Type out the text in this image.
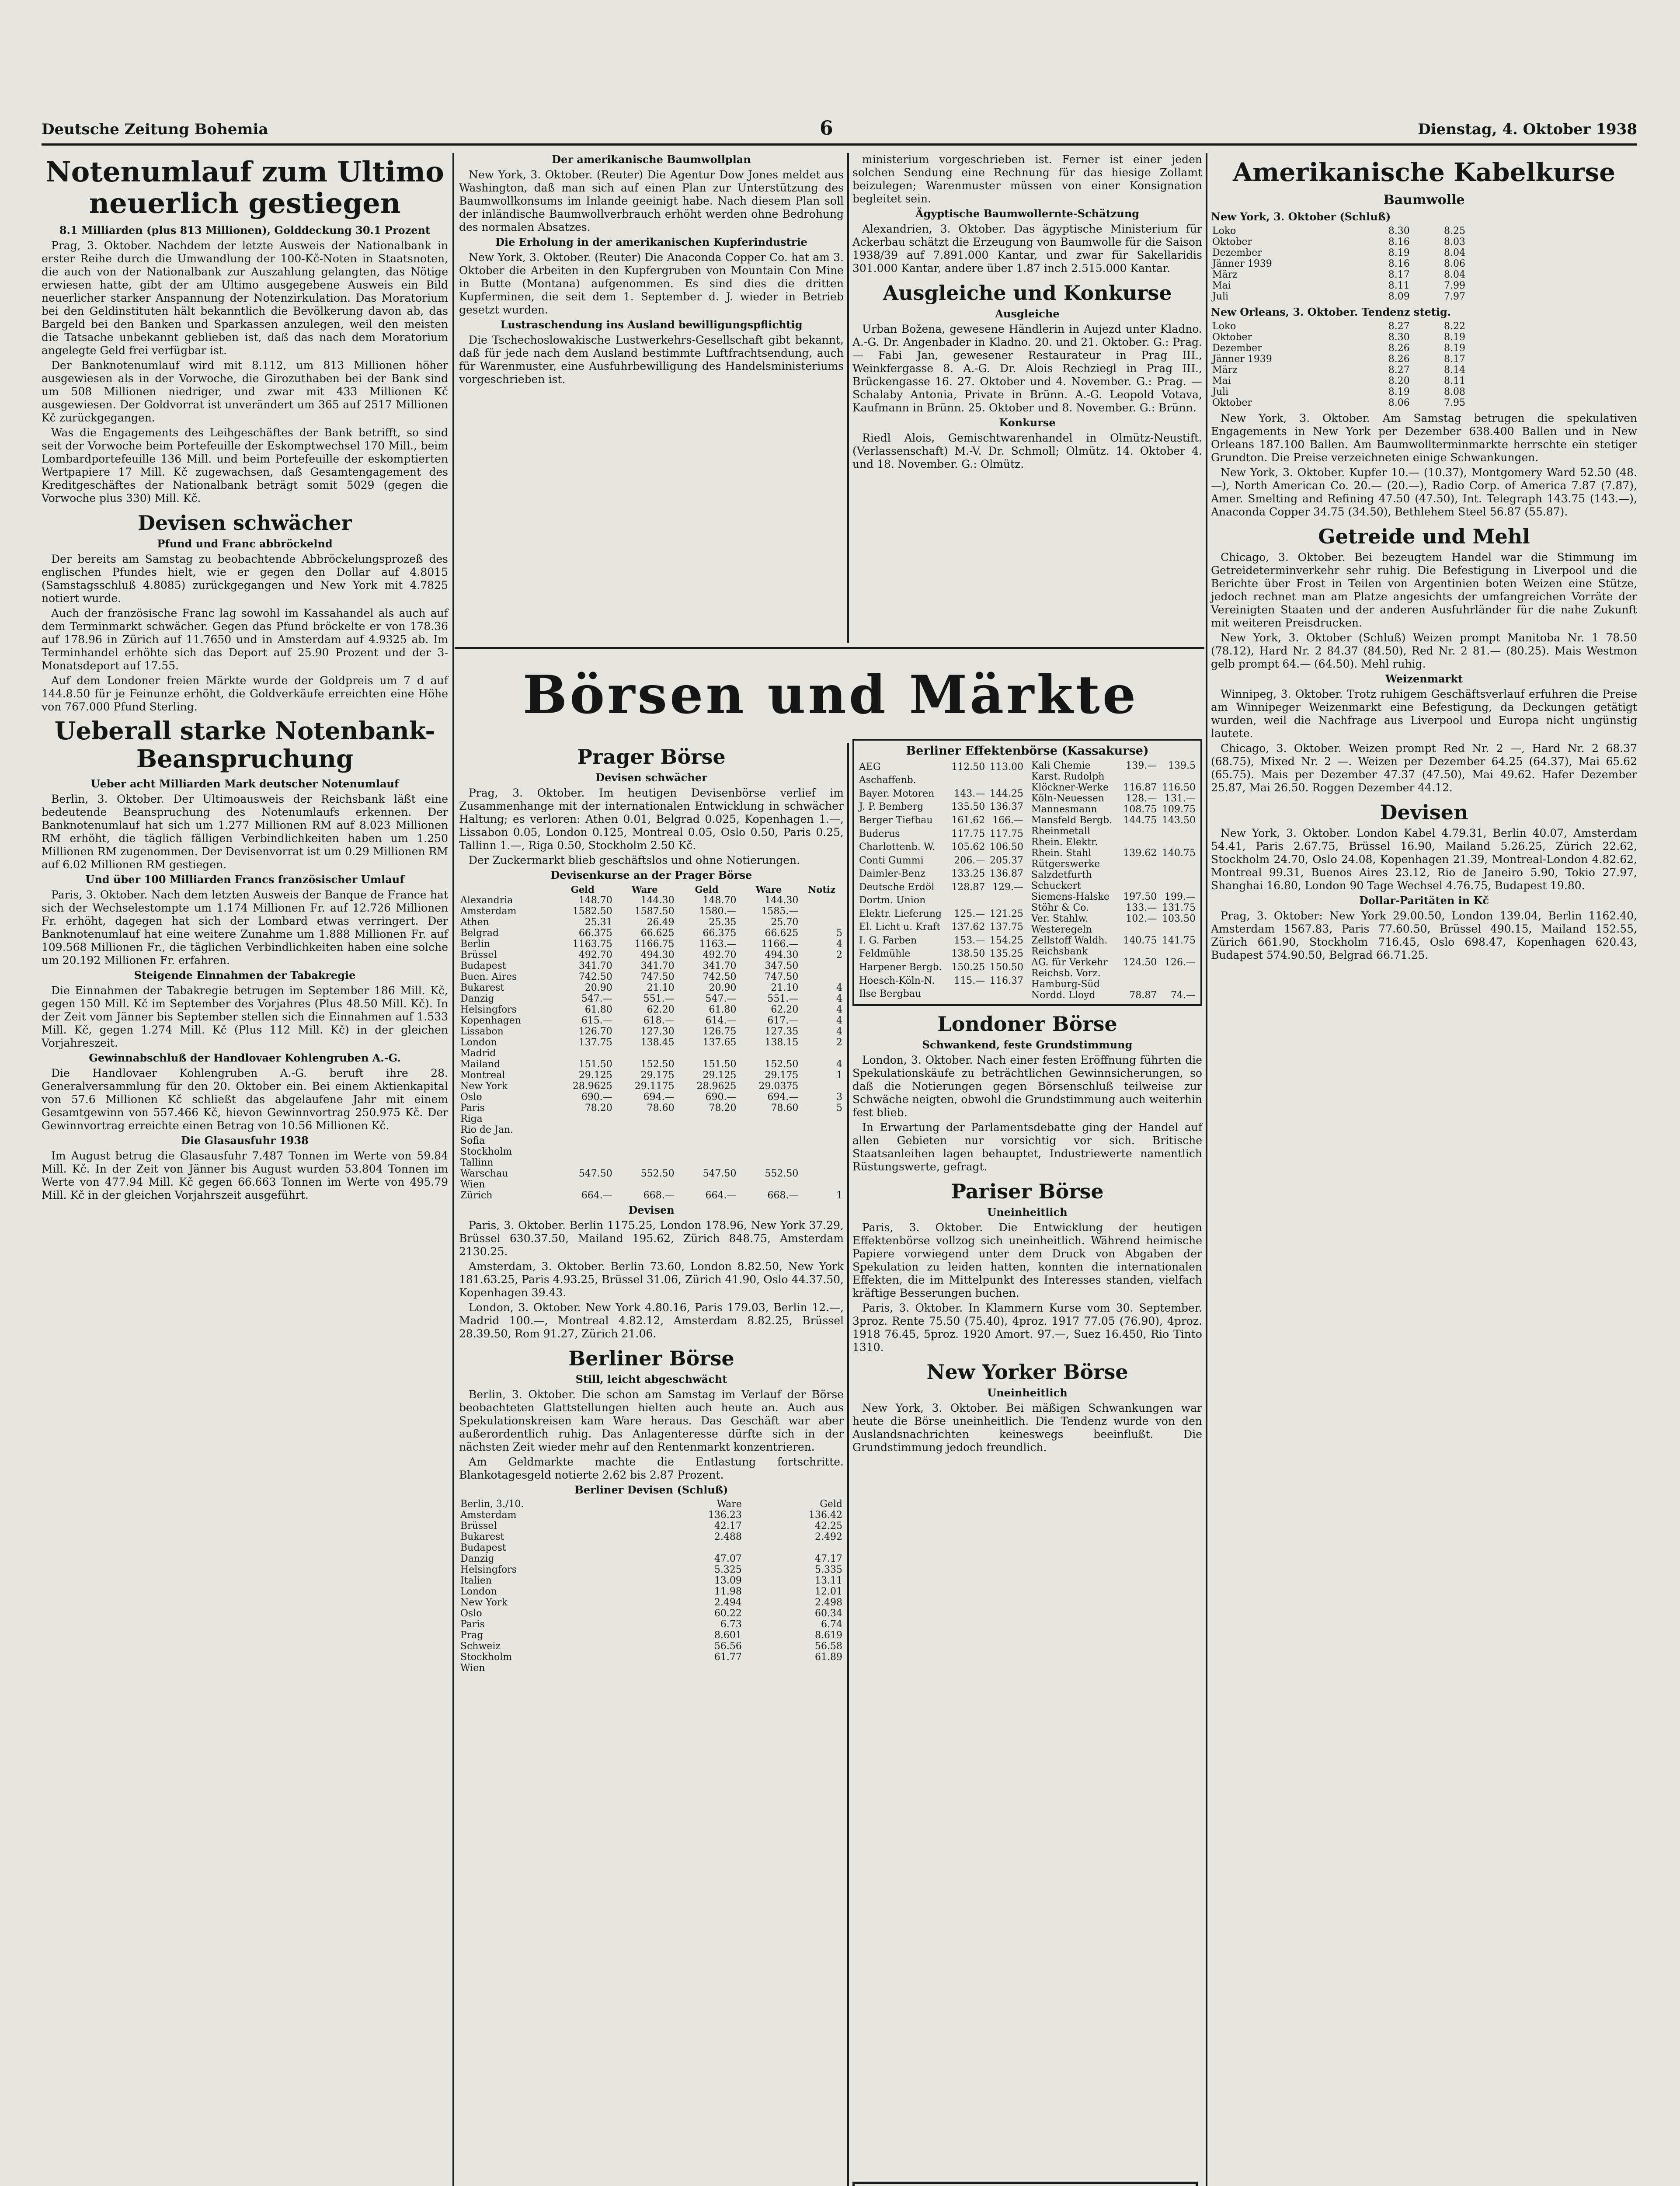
Deutsche Zeitung Bohemia	6	Dienstag, 4. Oktober 1938
Notenumlauf zum Ultimo neuerlich gestiegen
8.1 Milliarden (plus 813 Millionen), Golddeckung 30.1 Prozent

Prag, 3. Oktober. Nachdem der letzte Ausweis der Nationalbank in erster Reihe durch die Umwandlung der 100-Kč-Noten in Staatsnoten, die auch von der Nationalbank zur Auszahlung gelangten, das Nötige erwiesen hatte, gibt der am Ultimo ausgegebene Ausweis ein Bild neuerlicher starker Anspannung der Notenzirkulation. Das Moratorium bei den Geldinstituten hält bekanntlich die Bevölkerung davon ab, das Bargeld bei den Banken und Sparkassen anzulegen, weil den meisten die Tatsache unbekannt geblieben ist, daß das nach dem Moratorium angelegte Geld frei verfügbar ist.

Der Banknotenumlauf wird mit 8.112, um 813 Millionen höher ausgewiesen als in der Vorwoche, die Girozuthaben bei der Bank sind um 508 Millionen niedriger, und zwar mit 433 Millionen Kč ausgewiesen. Der Goldvorrat ist unverändert um 365 auf 2517 Millionen Kč zurückgegangen.

Was die Engagements des Leihgeschäftes der Bank betrifft, so sind seit der Vorwoche beim Portefeuille der Eskomptwechsel 170 Mill., beim Lombardportefeuille 136 Mill. und beim Portefeuille der eskomptierten Wertpapiere 17 Mill. Kč zugewachsen, daß Gesamtengagement des Kreditgeschäftes der Nationalbank beträgt somit 5029 (gegen die Vorwoche plus 330) Mill. Kč.

Devisen schwächer
Pfund und Franc abbröckelnd

Der bereits am Samstag zu beobachtende Abbröckelungsprozeß des englischen Pfundes hielt, wie er gegen den Dollar auf 4.8015 (Samstagsschluß 4.8085) zurückgegangen und New York mit 4.7825 notiert wurde.

Auch der französische Franc lag sowohl im Kassahandel als auch auf dem Terminmarkt schwächer. Gegen das Pfund bröckelte er von 178.36 auf 178.96 in Zürich auf 11.7650 und in Amsterdam auf 4.9325 ab. Im Terminhandel erhöhte sich das Deport auf 25.90 Prozent und der 3-Monatsdeport auf 17.55.

Auf dem Londoner freien Märkte wurde der Goldpreis um 7 d auf 144.8.50 für je Feinunze erhöht, die Goldverkäufe erreichten eine Höhe von 767.000 Pfund Sterling.

Ueberall starke Notenbank-Beanspruchung
Ueber acht Milliarden Mark deutscher Notenumlauf

Berlin, 3. Oktober. Der Ultimoausweis der Reichsbank läßt eine bedeutende Beanspruchung des Notenumlaufs erkennen. Der Banknotenumlauf hat sich um 1.277 Millionen RM auf 8.023 Millionen RM erhöht, die täglich fälligen Verbindlichkeiten haben um 1.250 Millionen RM zugenommen. Der Devisenvorrat ist um 0.29 Millionen RM auf 6.02 Millionen RM gestiegen.

Und über 100 Milliarden Francs französischer Umlauf

Paris, 3. Oktober. Nach dem letzten Ausweis der Banque de France hat sich der Wechselestompte um 1.174 Millionen Fr. auf 12.726 Millionen Fr. erhöht, dagegen hat sich der Lombard etwas verringert. Der Banknotenumlauf hat eine weitere Zunahme um 1.888 Millionen Fr. auf 109.568 Millionen Fr., die täglichen Verbindlichkeiten haben eine solche um 20.192 Millionen Fr. erfahren.

Steigende Einnahmen der Tabakregie

Die Einnahmen der Tabakregie betrugen im September 186 Mill. Kč, gegen 150 Mill. Kč im September des Vorjahres (Plus 48.50 Mill. Kč). In der Zeit vom Jänner bis September stellen sich die Einnahmen auf 1.533 Mill. Kč, gegen 1.274 Mill. Kč (Plus 112 Mill. Kč) in der gleichen Vorjahreszeit.

Gewinnabschluß der Handlovaer Kohlengruben A.-G.

Die Handlovaer Kohlengruben A.-G. beruft ihre 28. Generalversammlung für den 20. Oktober ein. Bei einem Aktienkapital von 57.6 Millionen Kč schließt das abgelaufene Jahr mit einem Gesamtgewinn von 557.466 Kč, hievon Gewinnvortrag 250.975 Kč. Der Gewinnvortrag erreichte einen Betrag von 10.56 Millionen Kč.

Die Glasausfuhr 1938

Im August betrug die Glasausfuhr 7.487 Tonnen im Werte von 59.84 Mill. Kč. In der Zeit von Jänner bis August wurden 53.804 Tonnen im Werte von 477.94 Mill. Kč gegen 66.663 Tonnen im Werte von 495.79 Mill. Kč in der gleichen Vorjahrszeit ausgeführt.

Der amerikanische Baumwollplan

New York, 3. Oktober. (Reuter) Die Agentur Dow Jones meldet aus Washington, daß man sich auf einen Plan zur Unterstützung des Baumwollkonsums im Inlande geeinigt habe. Nach diesem Plan soll der inländische Baumwollverbrauch erhöht werden ohne Bedrohung des normalen Absatzes.

Die Erholung in der amerikanischen Kupferindustrie

New York, 3. Oktober. (Reuter) Die Anaconda Copper Co. hat am 3. Oktober die Arbeiten in den Kupfergruben von Mountain Con Mine in Butte (Montana) aufgenommen. Es sind dies die dritten Kupferminen, die seit dem 1. September d. J. wieder in Betrieb gesetzt wurden.

Lustraschendung ins Ausland bewilligungspflichtig

Die Tschechoslowakische Lustwerkehrs-Gesellschaft gibt bekannt, daß für jede nach dem Ausland bestimmte Luftfrachtsendung, auch für Warenmuster, eine Ausfuhrbewilligung des Handelsministeriums vorgeschrieben ist.

ministerium vorgeschrieben ist. Ferner ist einer jeden solchen Sendung eine Rechnung für das hiesige Zollamt beizulegen; Warenmuster müssen von einer Konsignation begleitet sein.

Ägyptische Baumwollernte-Schätzung

Alexandrien, 3. Oktober. Das ägyptische Ministerium für Ackerbau schätzt die Erzeugung von Baumwolle für die Saison 1938/39 auf 7.891.000 Kantar, und zwar für Sakellaridis 301.000 Kantar, andere über 1.87 inch 2.515.000 Kantar.

Ausgleiche und Konkurse
Ausgleiche

Urban Božena, gewesene Händlerin in Aujezd unter Kladno. A.-G. Dr. Angenbader in Kladno. 20. und 21. Oktober. G.: Prag. — Fabi Jan, gewesener Restaurateur in Prag III., Weinkfergasse 8. A.-G. Dr. Alois Rechziegl in Prag III., Brückengasse 16. 27. Oktober und 4. November. G.: Prag. — Schalaby Antonia, Private in Brünn. A.-G. Leopold Votava, Kaufmann in Brünn. 25. Oktober und 8. November. G.: Brünn.

Konkurse

Riedl Alois, Gemischtwarenhandel in Olmütz-Neustift. (Verlassenschaft) M.-V. Dr. Schmoll; Olmütz. 14. Oktober 4. und 18. November. G.: Olmütz.

Börsen und Märkte
Prager Börse
Devisen schwächer

Prag, 3. Oktober. Im heutigen Devisenbörse verlief im Zusammenhange mit der internationalen Entwicklung in schwächer Haltung; es verloren: Athen 0.01, Belgrad 0.025, Kopenhagen 1.—, Lissabon 0.05, London 0.125, Montreal 0.05, Oslo 0.50, Paris 0.25, Tallinn 1.—, Riga 0.50, Stockholm 2.50 Kč.

Der Zuckermarkt blieb geschäftslos und ohne Notierungen.

Devisenkurse an der Prager Börse
	Geld	Ware	Geld	Ware	Notiz
Alexandria	148.70	144.30	148.70	144.30	
Amsterdam	1582.50	1587.50	1580.—	1585.—	
Athen	25.31	26.49	25.35	25.70	
Belgrad	66.375	66.625	66.375	66.625	5
Berlin	1163.75	1166.75	1163.—	1166.—	4
Brüssel	492.70	494.30	492.70	494.30	2
Budapest	341.70	341.70	341.70	347.50	
Buen. Aires	742.50	747.50	742.50	747.50	
Bukarest	20.90	21.10	20.90	21.10	4
Danzig	547.—	551.—	547.—	551.—	4
Helsingfors	61.80	62.20	61.80	62.20	4
Kopenhagen	615.—	618.—	614.—	617.—	4
Lissabon	126.70	127.30	126.75	127.35	4
London	137.75	138.45	137.65	138.15	2
Madrid					
Mailand	151.50	152.50	151.50	152.50	4
Montreal	29.125	29.175	29.125	29.175	1
New York	28.9625	29.1175	28.9625	29.0375	
Oslo	690.—	694.—	690.—	694.—	3
Paris	78.20	78.60	78.20	78.60	5
Riga					
Rio de Jan.					
Sofia					
Stockholm					
Tallinn					
Warschau	547.50	552.50	547.50	552.50	
Wien					
Zürich	664.—	668.—	664.—	668.—	1
Devisen

Paris, 3. Oktober. Berlin 1175.25, London 178.96, New York 37.29, Brüssel 630.37.50, Mailand 195.62, Zürich 848.75, Amsterdam 2130.25.

Amsterdam, 3. Oktober. Berlin 73.60, London 8.82.50, New York 181.63.25, Paris 4.93.25, Brüssel 31.06, Zürich 41.90, Oslo 44.37.50, Kopenhagen 39.43.

London, 3. Oktober. New York 4.80.16, Paris 179.03, Berlin 12.—, Madrid 100.—, Montreal 4.82.12, Amsterdam 8.82.25, Brüssel 28.39.50, Rom 91.27, Zürich 21.06.

Berliner Börse
Still, leicht abgeschwächt

Berlin, 3. Oktober. Die schon am Samstag im Verlauf der Börse beobachteten Glattstellungen hielten auch heute an. Auch aus Spekulationskreisen kam Ware heraus. Das Geschäft war aber außerordentlich ruhig. Das Anlagenteresse dürfte sich in der nächsten Zeit wieder mehr auf den Rentenmarkt konzentrieren.

Am Geldmarkte machte die Entlastung fortschritte. Blankotagesgeld notierte 2.62 bis 2.87 Prozent.

Berliner Devisen (Schluß)
Berlin, 3./10.	Ware	Geld
Amsterdam	136.23	136.42
Brüssel	42.17	42.25
Bukarest	2.488	2.492
Budapest		
Danzig	47.07	47.17
Helsingfors	5.325	5.335
Italien	13.09	13.11
London	11.98	12.01
New York	2.494	2.498
Oslo	60.22	60.34
Paris	6.73	6.74
Prag	8.601	8.619
Schweiz	56.56	56.58
Stockholm	61.77	61.89
Wien		
Berliner Effektenbörse (Kassakurse)
AEG	112.50	113.00
Aschaffenb.		
Bayer. Motoren	143.—	144.25
J. P. Bemberg	135.50	136.37
Berger Tiefbau	161.62	166.—
Buderus	117.75	117.75
Charlottenb. W.	105.62	106.50
Conti Gummi	206.—	205.37
Daimler-Benz	133.25	136.87
Deutsche Erdöl	128.87	129.—
Dortm. Union		
Elektr. Lieferung	125.—	121.25
El. Licht u. Kraft	137.62	137.75
I. G. Farben	153.—	154.25
Feldmühle	138.50	135.25
Harpener Bergb.	150.25	150.50
Hoesch-Köln-N.	115.—	116.37
Ilse Bergbau		
Kali Chemie	139.—	139.5
Karst. Rudolph		
Klöckner-Werke	116.87	116.50
Köln-Neuessen	128.—	131.—
Mannesmann	108.75	109.75
Mansfeld Bergb.	144.75	143.50
Rheinmetall		
Rhein. Elektr.		
Rhein. Stahl	139.62	140.75
Rütgerswerke		
Salzdetfurth		
Schuckert		
Siemens-Halske	197.50	199.—
Stöhr & Co.	133.—	131.75
Ver. Stahlw.	102.—	103.50
Westeregeln		
Zellstoff Waldh.	140.75	141.75
Reichsbank		
AG. für Verkehr	124.50	126.—
Reichsb. Vorz.		
Hamburg-Süd		
Nordd. Lloyd	78.87	74.—
Londoner Börse
Schwankend, feste Grundstimmung

London, 3. Oktober. Nach einer festen Eröffnung führten die Spekulationskäufe zu beträchtlichen Gewinnsicherungen, so daß die Notierungen gegen Börsenschluß teilweise zur Schwäche neigten, obwohl die Grundstimmung auch weiterhin fest blieb.

In Erwartung der Parlamentsdebatte ging der Handel auf allen Gebieten nur vorsichtig vor sich. Britische Staatsanleihen lagen behauptet, Industriewerte namentlich Rüstungswerte, gefragt.

Pariser Börse
Uneinheitlich

Paris, 3. Oktober. Die Entwicklung der heutigen Effektenbörse vollzog sich uneinheitlich. Während heimische Papiere vorwiegend unter dem Druck von Abgaben der Spekulation zu leiden hatten, konnten die internationalen Effekten, die im Mittelpunkt des Interesses standen, vielfach kräftige Besserungen buchen.

Paris, 3. Oktober. In Klammern Kurse vom 30. September. 3proz. Rente 75.50 (75.40), 4proz. 1917 77.05 (76.90), 4proz. 1918 76.45, 5proz. 1920 Amort. 97.—, Suez 16.450, Rio Tinto 1310.

New Yorker Börse
Uneinheitlich

New York, 3. Oktober. Bei mäßigen Schwankungen war heute die Börse uneinheitlich. Die Tendenz wurde von den Auslandsnachrichten keineswegs beeinflußt. Die Grundstimmung jedoch freundlich.

Amerikanische Kabelkurse
Baumwolle
New York, 3. Oktober (Schluß)
Loko	8.30	8.25
Oktober	8.16	8.03
Dezember	8.19	8.04
Jänner 1939	8.16	8.06
März	8.17	8.04
Mai	8.11	7.99
Juli	8.09	7.97
New Orleans, 3. Oktober. Tendenz stetig.
Loko	8.27	8.22
Oktober	8.30	8.19
Dezember	8.26	8.19
Jänner 1939	8.26	8.17
März	8.27	8.14
Mai	8.20	8.11
Juli	8.19	8.08
Oktober	8.06	7.95

New York, 3. Oktober. Am Samstag betrugen die spekulativen Engagements in New York per Dezember 638.400 Ballen und in New Orleans 187.100 Ballen. Am Baumwollterminmarkte herrschte ein stetiger Grundton. Die Preise verzeichneten einige Schwankungen.

New York, 3. Oktober. Kupfer 10.— (10.37), Montgomery Ward 52.50 (48.—), North American Co. 20.— (20.—), Radio Corp. of America 7.87 (7.87), Amer. Smelting and Refining 47.50 (47.50), Int. Telegraph 143.75 (143.—), Anaconda Copper 34.75 (34.50), Bethlehem Steel 56.87 (55.87).

Getreide und Mehl

Chicago, 3. Oktober. Bei bezeugtem Handel war die Stimmung im Getreideterminverkehr sehr ruhig. Die Befestigung in Liverpool und die Berichte über Frost in Teilen von Argentinien boten Weizen eine Stütze, jedoch rechnet man am Platze angesichts der umfangreichen Vorräte der Vereinigten Staaten und der anderen Ausfuhrländer für die nahe Zukunft mit weiteren Preisdrucken.

New York, 3. Oktober (Schluß) Weizen prompt Manitoba Nr. 1 78.50 (78.12), Hard Nr. 2 84.37 (84.50), Red Nr. 2 81.— (80.25). Mais Westmon gelb prompt 64.— (64.50). Mehl ruhig.

Weizenmarkt

Winnipeg, 3. Oktober. Trotz ruhigem Geschäftsverlauf erfuhren die Preise am Winnipeger Weizenmarkt eine Befestigung, da Deckungen getätigt wurden, weil die Nachfrage aus Liverpool und Europa nicht ungünstig lautete.

Chicago, 3. Oktober. Weizen prompt Red Nr. 2 —, Hard Nr. 2 68.37 (68.75), Mixed Nr. 2 —. Weizen per Dezember 64.25 (64.37), Mai 65.62 (65.75). Mais per Dezember 47.37 (47.50), Mai 49.62. Hafer Dezember 25.87, Mai 26.50. Roggen Dezember 44.12.

Devisen

New York, 3. Oktober. London Kabel 4.79.31, Berlin 40.07, Amsterdam 54.41, Paris 2.67.75, Brüssel 16.90, Mailand 5.26.25, Zürich 22.62, Stockholm 24.70, Oslo 24.08, Kopenhagen 21.39, Montreal-London 4.82.62, Montreal 99.31, Buenos Aires 23.12, Rio de Janeiro 5.90, Tokio 27.97, Shanghai 16.80, London 90 Tage Wechsel 4.76.75, Budapest 19.80.

Dollar-Paritäten in Kč

Prag, 3. Oktober: New York 29.00.50, London 139.04, Berlin 1162.40, Amsterdam 1567.83, Paris 77.60.50, Brüssel 490.15, Mailand 152.55, Zürich 661.90, Stockholm 716.45, Oslo 698.47, Kopenhagen 620.43, Budapest 574.90.50, Belgrad 66.71.25.
